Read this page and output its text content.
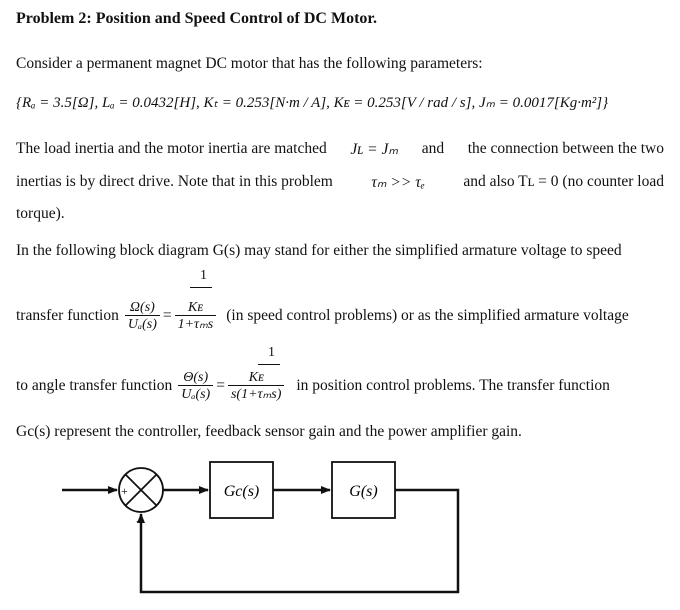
Problem 2: Position and Speed Control of DC Motor.
Consider a permanent magnet DC motor that has the following parameters:
{Rₐ = 3.5[Ω], Lₐ = 0.0432[H], Kₜ = 0.253[N·m / A], Kᴇ = 0.253[V / rad / s], Jₘ = 0.0017[Kg·m²]}
The load inertia and the motor inertia are matched Jʟ = Jₘ and the connection between the two
inertias is by direct drive. Note that in this problem τₘ >> τₑ and also Tʟ = 0 (no counter load
torque).
In the following block diagram G(s) may stand for either the simplified armature voltage to speed
1
transfer function $\frac{\Omega(s)}{\text{Uₐ(s)}} = \frac{\text{Kᴇ}}{\text{1+τₘs}} (in$ speed control problems) or as the simplified armature voltage
1
to angle transfer function $\frac{\Theta(s)}{\text{Uₐ(s)}} = \frac{\text{Kᴇ}}{\text{s(1+τₘs)}}$ in position control problems. The transfer function
Gc(s) represent the controller, feedback sensor gain and the power amplifier gain.
+
−
Gc(s)	G(s)
